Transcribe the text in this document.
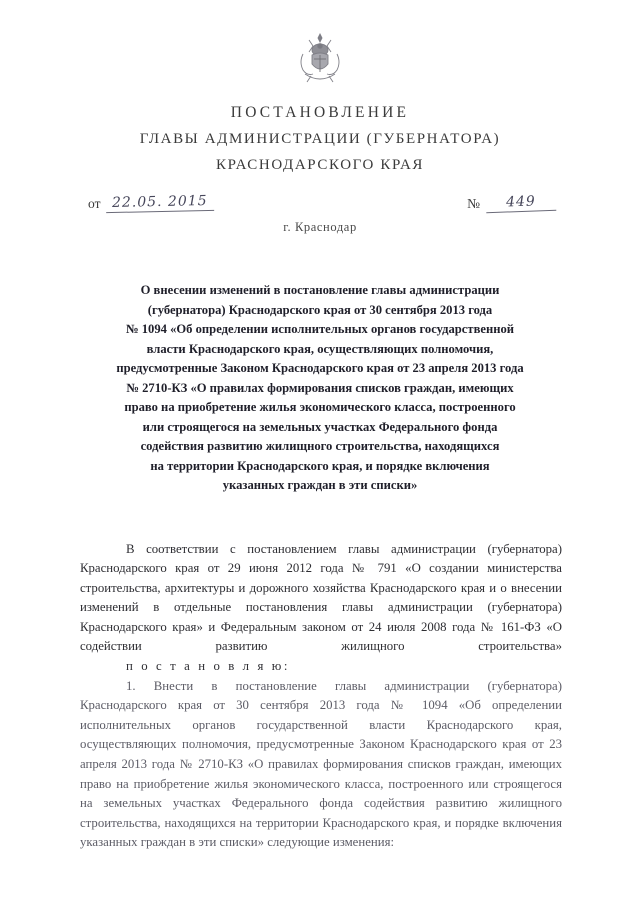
ПОСТАНОВЛЕНИЕ
ГЛАВЫ АДМИНИСТРАЦИИ (ГУБЕРНАТОРА)
КРАСНОДАРСКОГО КРАЯ
от 22.05. 2015	№	449
г. Краснодар
О внесении изменений в постановление главы администрации
(губернатора) Краснодарского края от 30 сентября 2013 года
№ 1094 «Об определении исполнительных органов государственной
власти Краснодарского края, осуществляющих полномочия,
предусмотренные Законом Краснодарского края от 23 апреля 2013 года
№ 2710-КЗ «О правилах формирования списков граждан, имеющих
право на приобретение жилья экономического класса, построенного
или строящегося на земельных участках Федерального фонда
содействия развитию жилищного строительства, находящихся
на территории Краснодарского края, и порядке включения
указанных граждан в эти списки»

В соответствии с постановлением главы администрации (губернатора) Краснодарского края от 29 июня 2012 года № 791 «О создании министерства строительства, архитектуры и дорожного хозяйства Краснодарского края и о внесении изменений в отдельные постановления главы администрации (губернатора) Краснодарского края» и Федеральным законом от 24 июля 2008 года № 161-ФЗ «О содействии развитию жилищного строительства»

п о с т а н о в л я ю:

1. Внести в постановление главы администрации (губернатора) Краснодарского края от 30 сентября 2013 года № 1094 «Об определении исполнительных органов государственной власти Краснодарского края, осуществляющих полномочия, предусмотренные Законом Краснодарского края от 23 апреля 2013 года № 2710-КЗ «О правилах формирования списков граждан, имеющих право на приобретение жилья экономического класса, построенного или строящегося на земельных участках Федерального фонда содействия развитию жилищного строительства, находящихся на территории Краснодарского края, и порядке включения указанных граждан в эти списки» следующие изменения:
